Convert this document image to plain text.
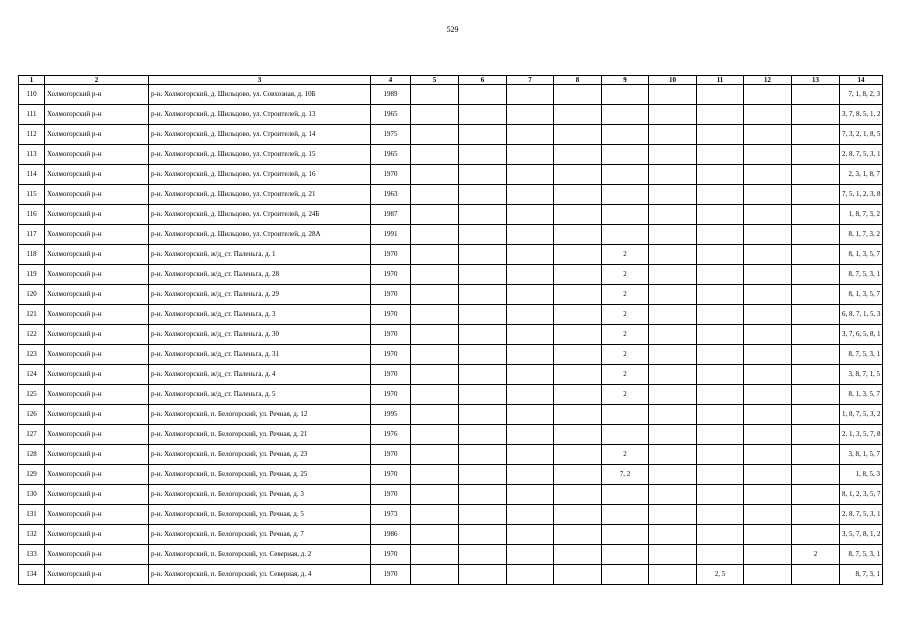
529
1	2	3	4	5	6	7	8	9	10	11	12	13	14
110	Холмогорский р-н	р-н. Холмогорский, д. Шильцово, ул. Совхозная, д. 10Б	1989										7, 1, 8, 2, 3
111	Холмогорский р-н	р-н. Холмогорский, д. Шильцово, ул. Строителей, д. 13	1965										3, 7, 8, 5, 1, 2
112	Холмогорский р-н	р-н. Холмогорский, д. Шильцово, ул. Строителей, д. 14	1975										7, 3, 2, 1, 8, 5
113	Холмогорский р-н	р-н. Холмогорский, д. Шильцово, ул. Строителей, д. 15	1965										2, 8, 7, 5, 3, 1
114	Холмогорский р-н	р-н. Холмогорский, д. Шильцово, ул. Строителей, д. 16	1970										2, 3, 1, 8, 7
115	Холмогорский р-н	р-н. Холмогорский, д. Шильцово, ул. Строителей, д. 21	1963										7, 5, 1, 2, 3, 8
116	Холмогорский р-н	р-н. Холмогорский, д. Шильцово, ул. Строителей, д. 24Б	1987										1, 8, 7, 3, 2
117	Холмогорский р-н	р-н. Холмогорский, д. Шильцово, ул. Строителей, д. 28А	1991										8, 1, 7, 3, 2
118	Холмогорский р-н	р-н. Холмогорский, ж/д_ст. Паленьга, д. 1	1970					2					8, 1, 3, 5, 7
119	Холмогорский р-н	р-н. Холмогорский, ж/д_ст. Паленьга, д. 28	1970					2					8, 7, 5, 3, 1
120	Холмогорский р-н	р-н. Холмогорский, ж/д_ст. Паленьга, д. 29	1970					2					8, 1, 3, 5, 7
121	Холмогорский р-н	р-н. Холмогорский, ж/д_ст. Паленьга, д. 3	1970					2					6, 8, 7, 1, 5, 3
122	Холмогорский р-н	р-н. Холмогорский, ж/д_ст. Паленьга, д. 30	1970					2					3, 7, 6, 5, 8, 1
123	Холмогорский р-н	р-н. Холмогорский, ж/д_ст. Паленьга, д. 31	1970					2					8, 7, 5, 3, 1
124	Холмогорский р-н	р-н. Холмогорский, ж/д_ст. Паленьга, д. 4	1970					2					3, 8, 7, 1, 5
125	Холмогорский р-н	р-н. Холмогорский, ж/д_ст. Паленьга, д. 5	1970					2					8, 1, 3, 5, 7
126	Холмогорский р-н	р-н. Холмогорский, п. Белогорский, ул. Речная, д. 12	1995										1, 8, 7, 5, 3, 2
127	Холмогорский р-н	р-н. Холмогорский, п. Белогорский, ул. Речная, д. 21	1976										2, 1, 3, 5, 7, 8
128	Холмогорский р-н	р-н. Холмогорский, п. Белогорский, ул. Речная, д. 23	1970					2					3, 8, 1, 5, 7
129	Холмогорский р-н	р-н. Холмогорский, п. Белогорский, ул. Речная, д. 25	1970					7, 2					1, 8, 5, 3
130	Холмогорский р-н	р-н. Холмогорский, п. Белогорский, ул. Речная, д. 3	1970										8, 1, 2, 3, 5, 7
131	Холмогорский р-н	р-н. Холмогорский, п. Белогорский, ул. Речная, д. 5	1973										2, 8, 7, 5, 3, 1
132	Холмогорский р-н	р-н. Холмогорский, п. Белогорский, ул. Речная, д. 7	1986										3, 5, 7, 8, 1, 2
133	Холмогорский р-н	р-н. Холмогорский, п. Белогорский, ул. Северная, д. 2	1970									2	8, 7, 5, 3, 1
134	Холмогорский р-н	р-н. Холмогорский, п. Белогорский, ул. Северная, д. 4	1970							2, 5			8, 7, 3, 1
